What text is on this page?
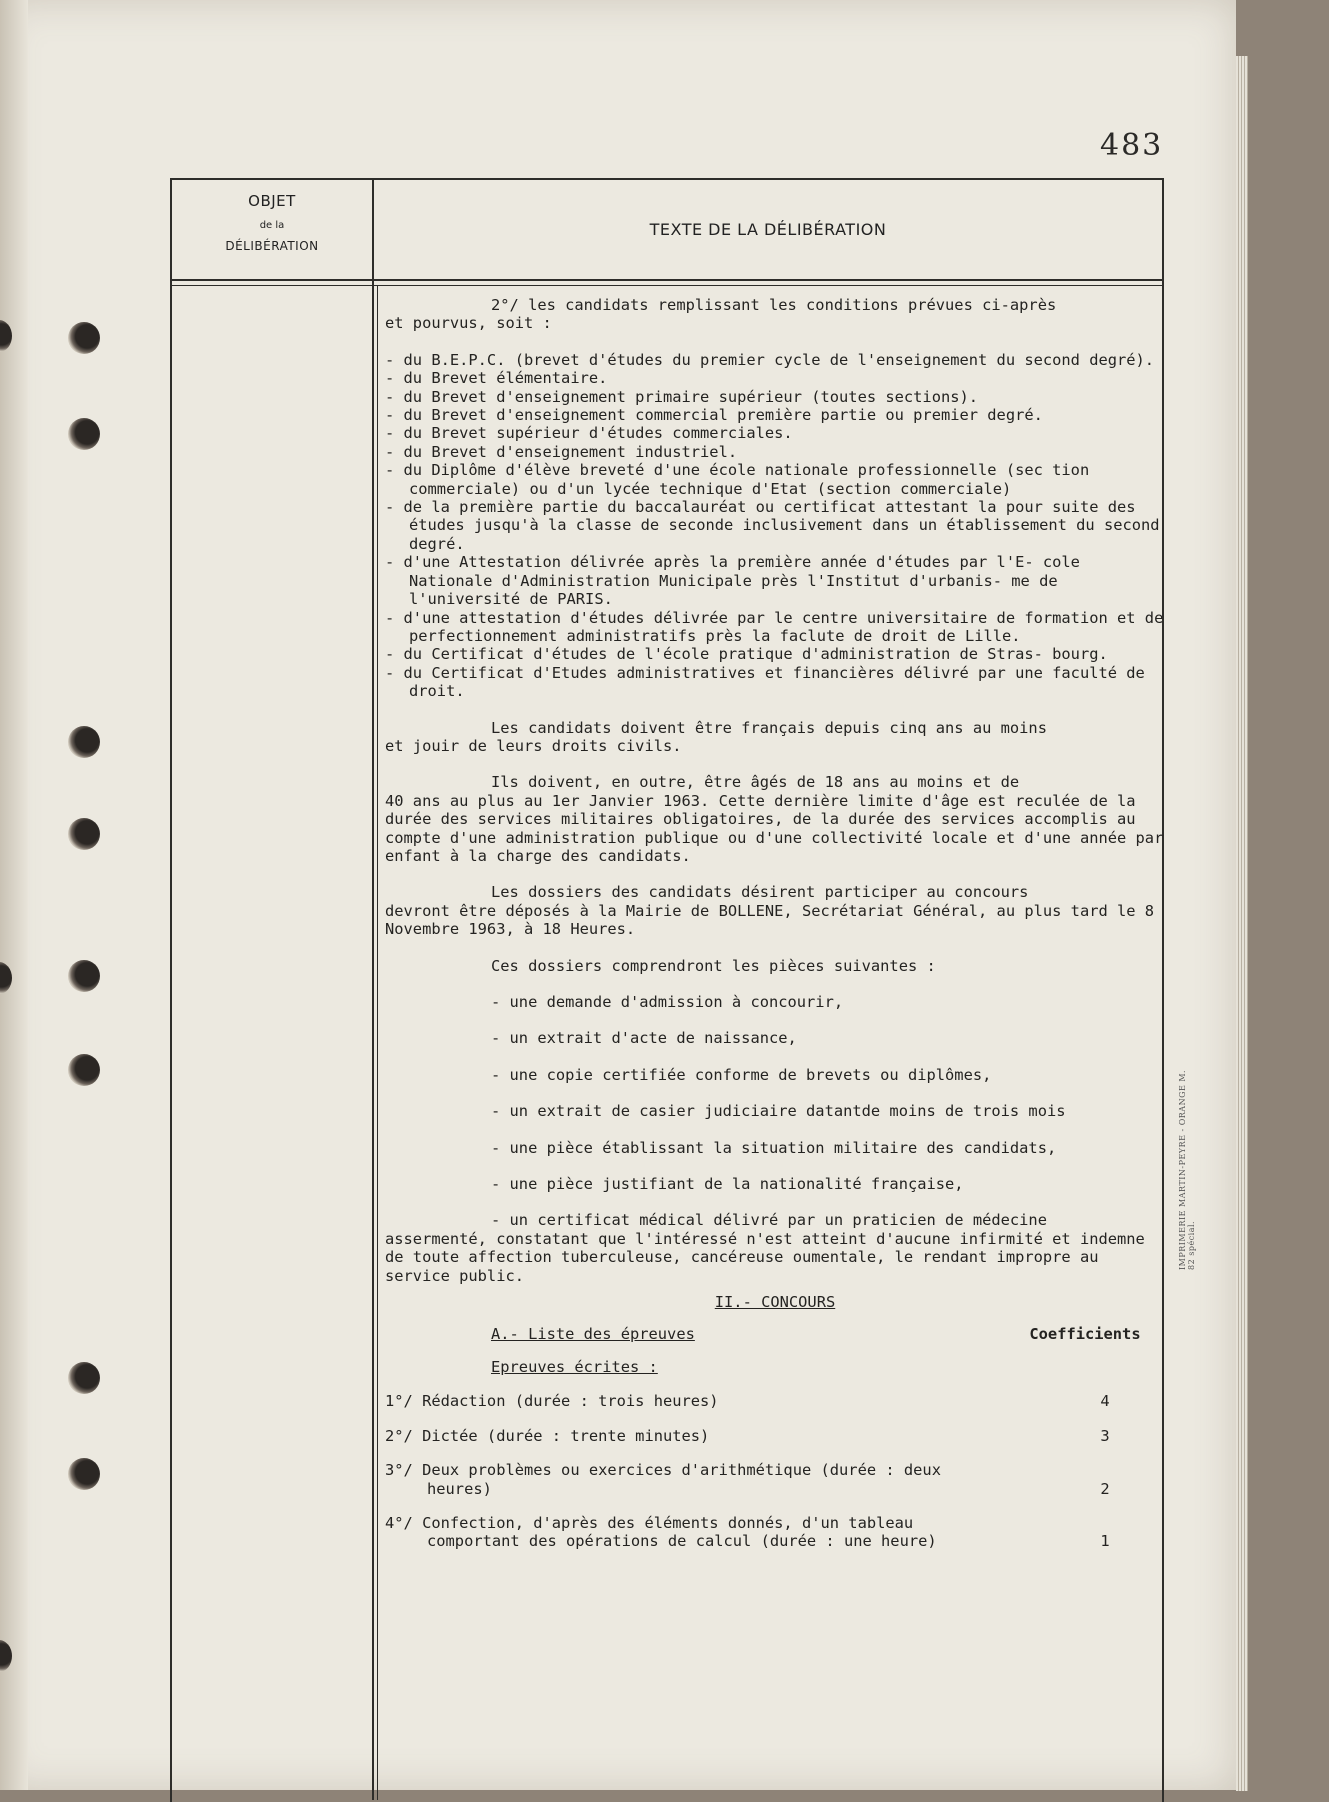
483
OBJET
de la
DÉLIBÉRATION
TEXTE DE LA DÉLIBÉRATION
IMPRIMERIE MARTIN-PEYRE - ORANGE M. 82 spécial.

2°/ les candidats remplissant les conditions prévues ci-après

et pourvus, soit :

- du B.E.P.C. (brevet d'études du premier cycle de l'enseignement du second degré).

- du Brevet élémentaire.

- du Brevet d'enseignement primaire supérieur (toutes sections).

- du Brevet d'enseignement commercial première partie ou premier degré.

- du Brevet supérieur d'études commerciales.

- du Brevet d'enseignement industriel.

- du Diplôme d'élève breveté d'une école nationale professionnelle (sec tion commerciale) ou d'un lycée technique d'Etat (section commerciale)

- de la première partie du baccalauréat ou certificat attestant la pour suite des études jusqu'à la classe de seconde inclusivement dans un établissement du second degré.

- d'une Attestation délivrée après la première année d'études par l'E- cole Nationale d'Administration Municipale près l'Institut d'urbanis- me de l'université de PARIS.

- d'une attestation d'études délivrée par le centre universitaire de formation et de perfectionnement administratifs près la faclute de droit de Lille.

- du Certificat d'études de l'école pratique d'administration de Stras- bourg.

- du Certificat d'Etudes administratives et financières délivré par une faculté de droit.

Les candidats doivent être français depuis cinq ans au moins

et jouir de leurs droits civils.

Ils doivent, en outre, être âgés de 18 ans au moins et de

40 ans au plus au 1er Janvier 1963. Cette dernière limite d'âge est reculée de la durée des services militaires obligatoires, de la durée des services accomplis au compte d'une administration publique ou d'une collectivité locale et d'une année par enfant à la charge des candidats.

Les dossiers des candidats désirent participer au concours

devront être déposés à la Mairie de BOLLENE, Secrétariat Général, au plus tard le 8 Novembre 1963, à 18 Heures.

Ces dossiers comprendront les pièces suivantes :

- une demande d'admission à concourir,

- un extrait d'acte de naissance,

- une copie certifiée conforme de brevets ou diplômes,

- un extrait de casier judiciaire datantde moins de trois mois

- une pièce établissant la situation militaire des candidats,

- une pièce justifiant de la nationalité française,

- un certificat médical délivré par un praticien de médecine

assermenté, constatant que l'intéressé n'est atteint d'aucune infirmité et indemne de toute affection tuberculeuse, cancéreuse oumentale, le rendant impropre au service public.

II.- CONCOURS

A.- Liste des épreuves	Coefficients

Epreuves écrites :

1°/ Rédaction (durée : trois heures)	4
2°/ Dictée (durée : trente minutes)	3
3°/ Deux problèmes ou exercices d'arithmétique (durée : deux heures)	2
4°/ Confection, d'après des éléments donnés, d'un tableau comportant des opérations de calcul (durée : une heure)	1
